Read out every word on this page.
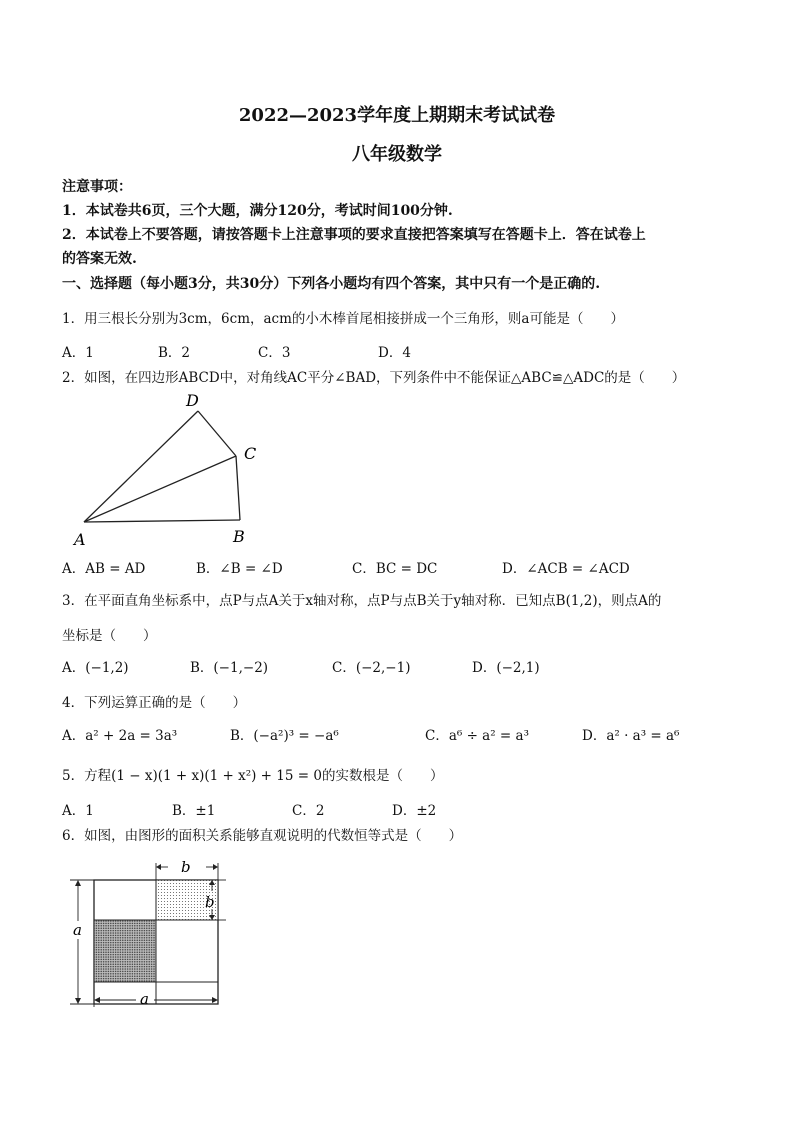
2022—2023学年度上期期末考试试卷
八年级数学
注意事项：
1．本试卷共6页，三个大题，满分120分，考试时间100分钟.
2．本试卷上不要答题，请按答题卡上注意事项的要求直接把答案填写在答题卡上．答在试卷上
的答案无效.
一、选择题（每小题3分，共30分）下列各小题均有四个答案，其中只有一个是正确的.
1．用三根长分别为3cm，6cm，acm的小木棒首尾相接拼成一个三角形，则a可能是（　　）
A．1	B．2	C．3	D．4
2．如图，在四边形ABCD中，对角线AC平分∠BAD，下列条件中不能保证△ABC≌△ADC的是（　　）
D
C
A	B
A．AB = AD	B．∠B = ∠D	C．BC = DC	D．∠ACB = ∠ACD
3．在平面直角坐标系中，点P与点A关于x轴对称，点P与点B关于y轴对称．已知点B(1,2)，则点A的
坐标是（　　）
A．(−1,2)	B．(−1,−2)	C．(−2,−1)	D．(−2,1)
4．下列运算正确的是（　　）
A．a² + 2a = 3a³	B．(−a²)³ = −a⁶	C．a⁶ ÷ a² = a³	D．a² · a³ = a⁶
5．方程(1 − x)(1 + x)(1 + x²) + 15 = 0的实数根是（　　）
A．1	B．±1	C．2	D．±2
6．如图，由图形的面积关系能够直观说明的代数恒等式是（　　）
b
b
a
a
